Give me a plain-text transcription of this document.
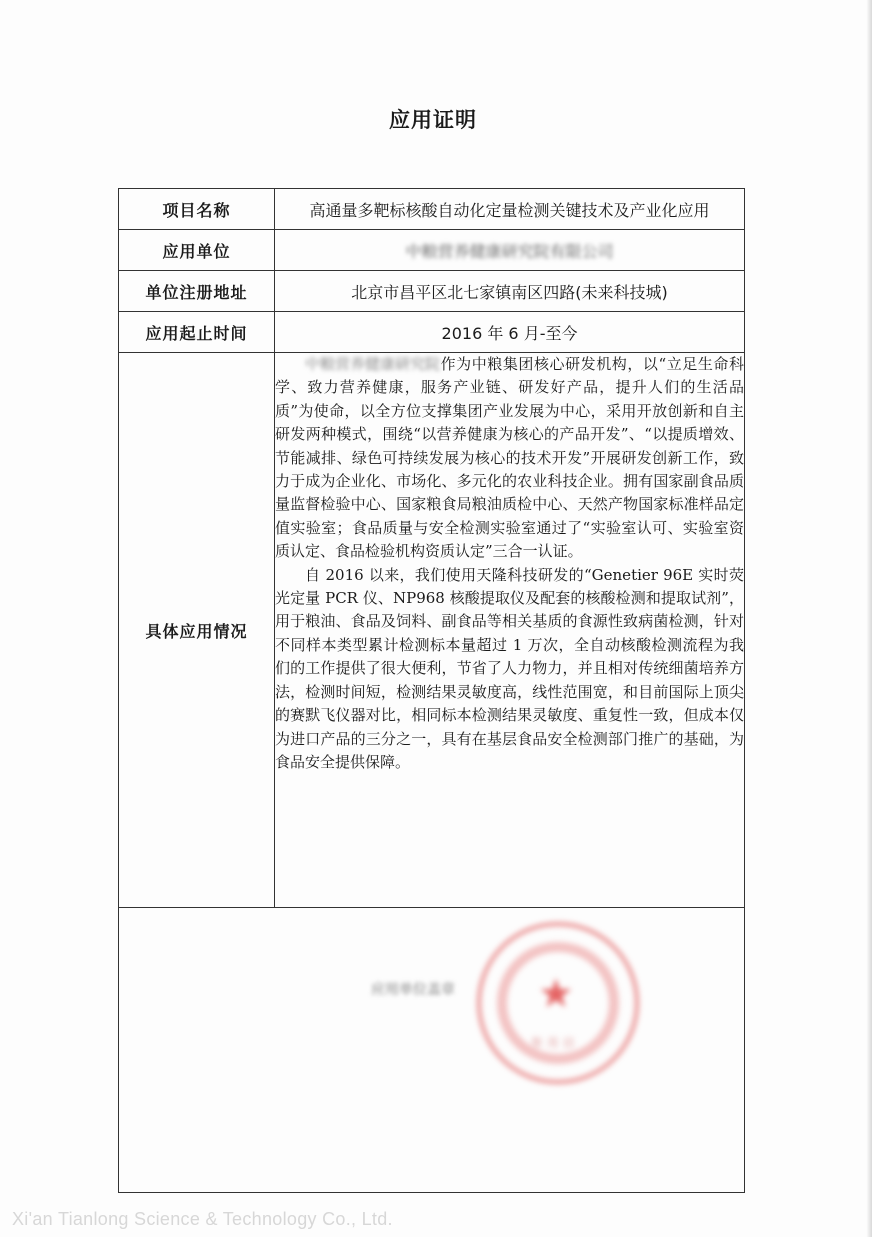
应用证明
项目名称	高通量多靶标核酸自动化定量检测关键技术及产业化应用
应用单位	中粮营养健康研究院有限公司
单位注册地址	北京市昌平区北七家镇南区四路(未来科技城)
应用起止时间	2016 年 6 月-至今
具体应用情况	中粮营养健康研究院作为中粮集团核心研发机构，以“立足生命科学、致力营养健康，服务产业链、研发好产品，提升人们的生活品质”为使命，以全方位支撑集团产业发展为中心，采用开放创新和自主研发两种模式，围绕“以营养健康为核心的产品开发”、“以提质增效、节能减排、绿色可持续发展为核心的技术开发”开展研发创新工作，致力于成为企业化、市场化、多元化的农业科技企业。拥有国家副食品质量监督检验中心、国家粮食局粮油质检中心、天然产物国家标准样品定值实验室；食品质量与安全检测实验室通过了“实验室认可、实验室资质认定、食品检验机构资质认定”三合一认证。

自 2016 以来，我们使用天隆科技研发的“Genetier 96E 实时荧光定量 PCR 仪、NP968 核酸提取仪及配套的核酸检测和提取试剂”，用于粮油、食品及饲料、副食品等相关基质的食源性致病菌检测，针对不同样本类型累计检测标本量超过 1 万次，全自动核酸检测流程为我们的工作提供了很大便利，节省了人力物力，并且相对传统细菌培养方法，检测时间短，检测结果灵敏度高，线性范围宽，和目前国际上顶尖的赛默飞仪器对比，相同标本检测结果灵敏度、重复性一致，但成本仅为进口产品的三分之一，具有在基层食品安全检测部门推广的基础，为食品安全提供保障。

应用单位盖章 ★
年 月 日	
Xi'an Tianlong Science & Technology Co., Ltd.
